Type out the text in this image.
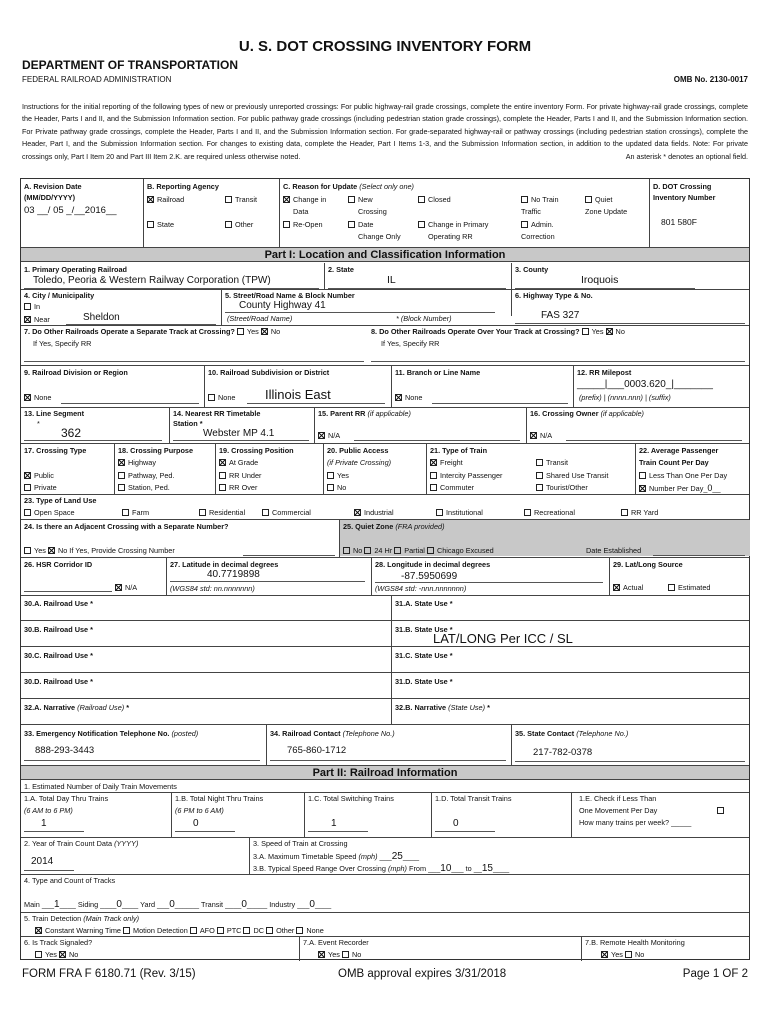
U. S. DOT CROSSING INVENTORY FORM
DEPARTMENT OF TRANSPORTATION
FEDERAL RAILROAD ADMINISTRATION	OMB No. 2130-0017
Instructions for the initial reporting of the following types of new or previously unreported crossings: For public highway-rail grade crossings, complete the entire inventory Form. For private highway-rail grade crossings, complete the Header, Parts I and II, and the Submission Information section. For public pathway grade crossings (including pedestrian station grade crossings), complete the Header, Parts I and II, and the Submission Information section. For Private pathway grade crossings, complete the Header, Parts I and II, and the Submission Information section. For grade-separated highway-rail or pathway crossings (including pedestrian station crossings), complete the Header, Part I, and the Submission Information section. For changes to existing data, complete the Header, Part I Items 1-3, and the Submission Information section, in addition to the updated data fields. Note: For private crossings only, Part I Item 20 and Part III Item 2.K. are required unless otherwise noted.	An asterisk * denotes an optional field.
A. Revision Date
(MM/DD/YYYY)
03 __/ 05 _/__2016__
B. Reporting Agency
Railroad	Transit
State	Other
C. Reason for Update (Select only one)
Change in
Data
New
Crossing
Closed	No Train
Traffic
Quiet
Zone Update
Re-Open	Date
Change Only
Change in Primary
Operating RR
Admin.
Correction
D. DOT Crossing
Inventory Number
801 580F
Part I: Location and Classification Information
1. Primary Operating Railroad
Toledo, Peoria & Western Railway Corporation (TPW)
2. State
IL
3. County
Iroquois
4. City / Municipality
In
Near	Sheldon
5. Street/Road Name & Block Number
County Highway 41
(Street/Road Name)	* (Block Number)
6. Highway Type & No.
FAS 327
7. Do Other Railroads Operate a Separate Track at Crossing? Yes No
If Yes, Specify RR
8. Do Other Railroads Operate Over Your Track at Crossing? Yes No
If Yes, Specify RR
9. Railroad Division or Region
None
10. Railroad Subdivision or District
None Illinois East
11. Branch or Line Name
None
12. RR Milepost
_____|___0003.620_|_______
(prefix) | (nnnn.nnn) | (suffix)
13. Line Segment
*
362
14. Nearest RR Timetable
Station *
Webster MP 4.1
15. Parent RR (if applicable)
N/A
16. Crossing Owner (if applicable)
N/A
17. Crossing Type
Public
Private
18. Crossing Purpose
Highway
Pathway, Ped.
Station, Ped.
19. Crossing Position
At Grade
RR Under
RR Over
20. Public Access
(if Private Crossing)
Yes
No
21. Type of Train
Freight
Intercity Passenger
Commuter
Transit
Shared Use Transit
Tourist/Other
22. Average Passenger
Train Count Per Day
Less Than One Per Day
Number Per Day_0__
23. Type of Land Use
Open Space	Farm	Residential	Commercial	Industrial	Institutional	Recreational	RR Yard
24. Is there an Adjacent Crossing with a Separate Number?
Yes No If Yes, Provide Crossing Number
25. Quiet Zone (FRA provided)
No 24 Hr Partial Chicago Excused	Date Established
26. HSR Corridor ID
N/A
27. Latitude in decimal degrees
40.7719898
(WGS84 std: nn.nnnnnnn)
28. Longitude in decimal degrees
-87.5950699
(WGS84 std: -nnn.nnnnnnn)
29. Lat/Long Source
Actual	Estimated
30.A. Railroad Use *	31.A. State Use *
30.B. Railroad Use *	31.B. State Use *
LAT/LONG Per ICC / SL
30.C. Railroad Use *	31.C. State Use *
30.D. Railroad Use *	31.D. State Use *
32.A. Narrative (Railroad Use) *	32.B. Narrative (State Use) *
33. Emergency Notification Telephone No. (posted)
888-293-3443
34. Railroad Contact (Telephone No.)
765-860-1712
35. State Contact (Telephone No.)
217-782-0378
Part II: Railroad Information
1. Estimated Number of Daily Train Movements
1.A. Total Day Thru Trains
(6 AM to 6 PM)
1
1.B. Total Night Thru Trains
(6 PM to 6 AM)
0
1.C. Total Switching Trains
1
1.D. Total Transit Trains
0
1.E. Check if Less Than
One Movement Per Day
How many trains per week? _____
2. Year of Train Count Data (YYYY)
2014
3. Speed of Train at Crossing
3.A. Maximum Timetable Speed (mph) ___25____
3.B. Typical Speed Range Over Crossing (mph) From ___10___ to __15____
4. Type and Count of Tracks
Main ___1____ Siding ____0____ Yard ___0______ Transit ____0_____ Industry ___0____
5. Train Detection (Main Track only)
Constant Warning Time Motion Detection AFO PTC DC Other None
6. Is Track Signaled?
Yes No
7.A. Event Recorder
Yes No
7.B. Remote Health Monitoring
Yes No
FORM FRA F 6180.71 (Rev. 3/15)	OMB approval expires 3/31/2018	Page 1 OF 2
